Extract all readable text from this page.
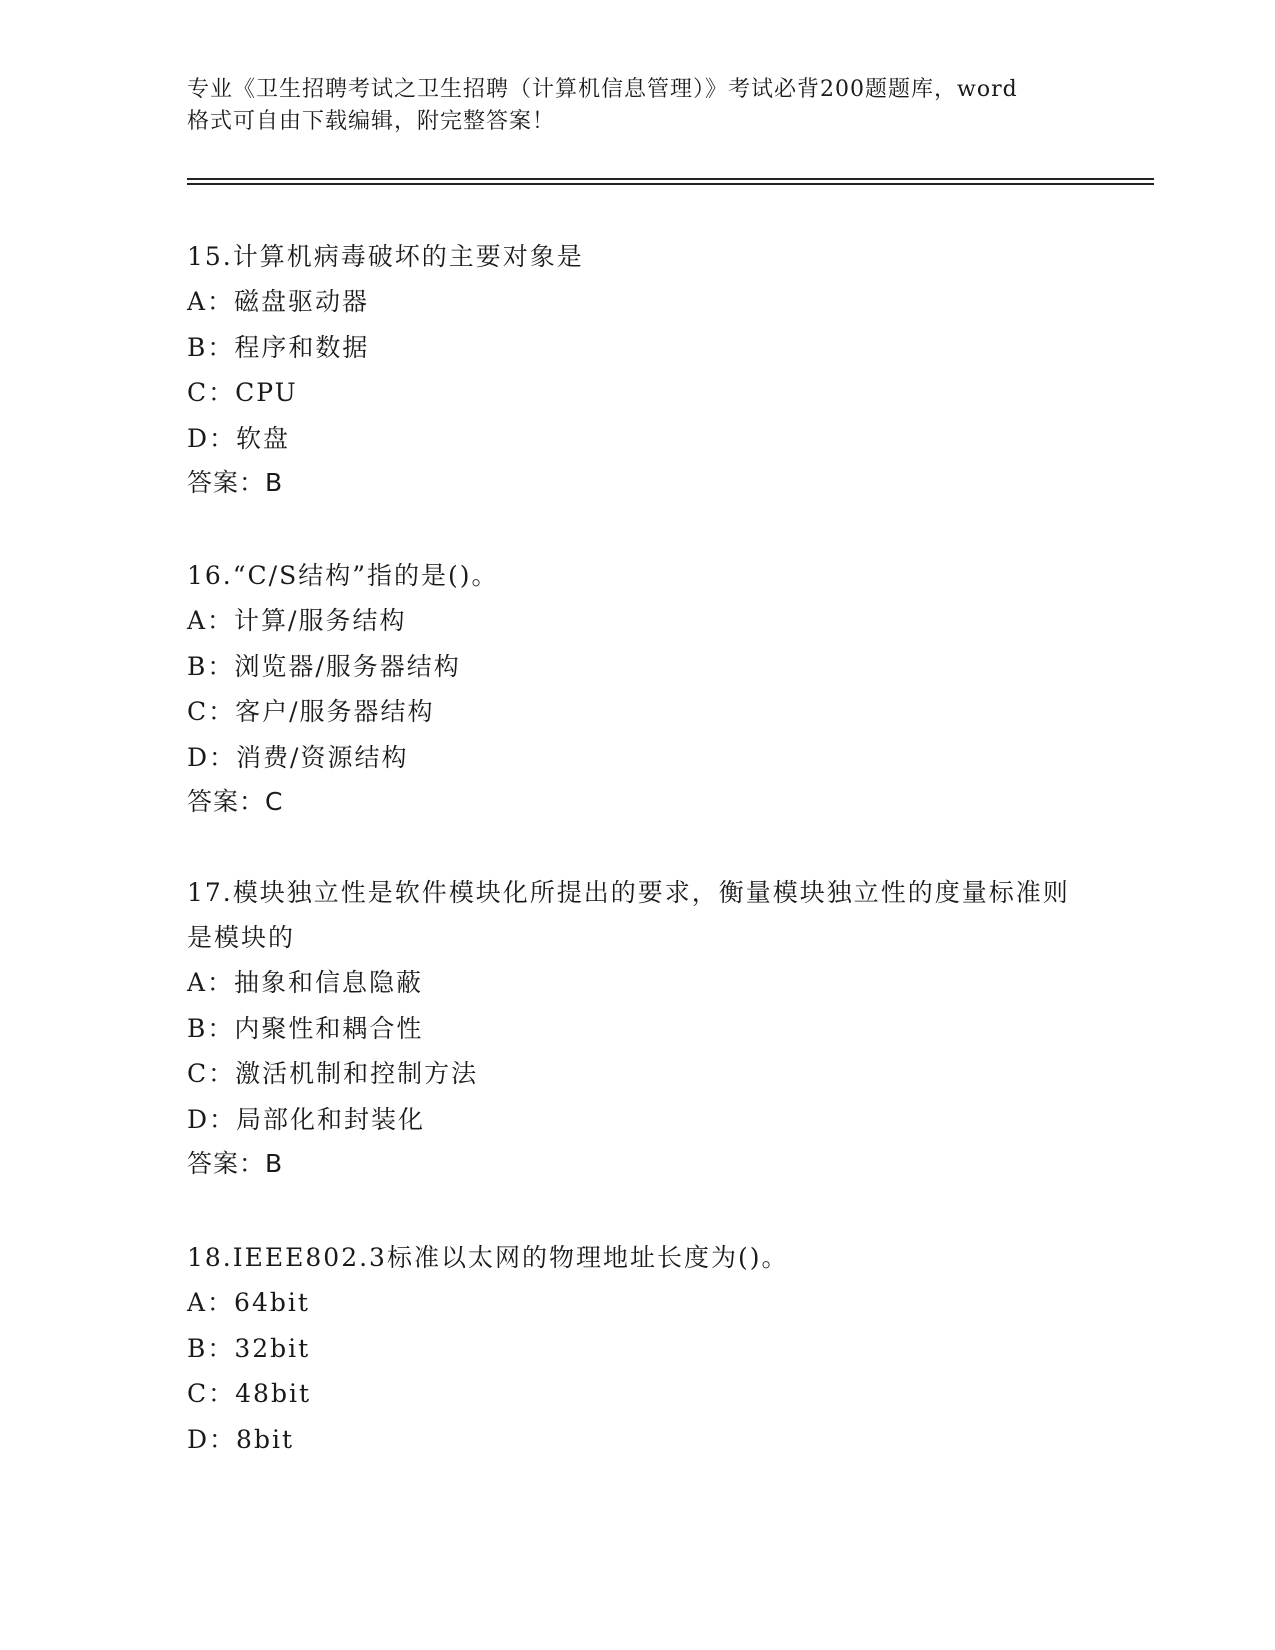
专业《卫生招聘考试之卫生招聘（计算机信息管理）》考试必背200题题库，word
格式可自由下载编辑，附完整答案！
15.计算机病毒破坏的主要对象是
A：磁盘驱动器
B：程序和数据
C：CPU
D：软盘
答案：B
16.“C/S结构”指的是()。
A：计算/服务结构
B：浏览器/服务器结构
C：客户/服务器结构
D：消费/资源结构
答案：C
17.模块独立性是软件模块化所提出的要求，衡量模块独立性的度量标准则是模块的
A：抽象和信息隐蔽
B：内聚性和耦合性
C：激活机制和控制方法
D：局部化和封装化
答案：B
18.IEEE802.3标准以太网的物理地址长度为()。
A：64bit
B：32bit
C：48bit
D：8bit
